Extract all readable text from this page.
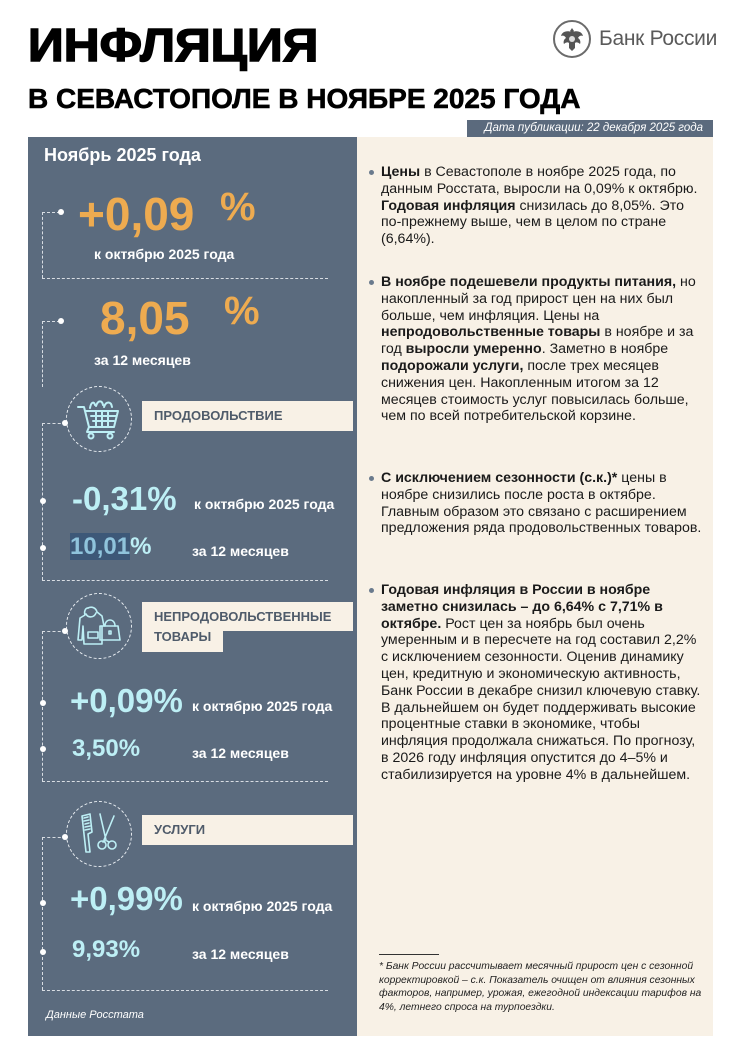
ИНФЛЯЦИЯ
В СЕВАСТОПОЛЕ В НОЯБРЕ 2025 ГОДА
Банк России
Дата публикации: 22 декабря 2025 года
Ноябрь 2025 года
+0,09 %
к октябрю 2025 года
8,05 %
за 12 месяцев
ПРОДОВОЛЬСТВИЕ
-0,31% к октябрю 2025 года
10,01%	за 12 месяцев
НЕПРОДОВОЛЬСТВЕННЫЕ
ТОВАРЫ
+0,09% к октябрю 2025 года
3,50%	за 12 месяцев
УСЛУГИ
+0,99% к октябрю 2025 года
9,93%	за 12 месяцев
Данные Росстата
Цены в Севастополе в ноябре 2025 года, по данным Росстата, выросли на 0,09% к октябрю. Годовая инфляция снизилась до 8,05%. Это по-прежнему выше, чем в целом по стране (6,64%).
В ноябре подешевели продукты питания, но накопленный за год прирост цен на них был больше, чем инфляция. Цены на непродовольственные товары в ноябре и за год выросли умеренно. Заметно в ноябре подорожали услуги, после трех месяцев снижения цен. Накопленным итогом за 12 месяцев стоимость услуг повысилась больше, чем по всей потребительской корзине.
С исключением сезонности (с.к.)* цены в ноябре снизились после роста в октябре. Главным образом это связано с расширением предложения ряда продовольственных товаров.
Годовая инфляция в России в ноябре заметно снизилась – до 6,64% с 7,71% в октябре. Рост цен за ноябрь был очень умеренным и в пересчете на год составил 2,2% с исключением сезонности. Оценив динамику цен, кредитную и экономическую активность, Банк России в декабре снизил ключевую ставку. В дальнейшем он будет поддерживать высокие процентные ставки в экономике, чтобы инфляция продолжала снижаться. По прогнозу, в 2026 году инфляция опустится до 4–5% и стабилизируется на уровне 4% в дальнейшем.
* Банк России рассчитывает месячный прирост цен с сезонной корректировкой – с.к. Показатель очищен от влияния сезонных факторов, например, урожая, ежегодной индексации тарифов на 4%, летнего спроса на турпоездки.
